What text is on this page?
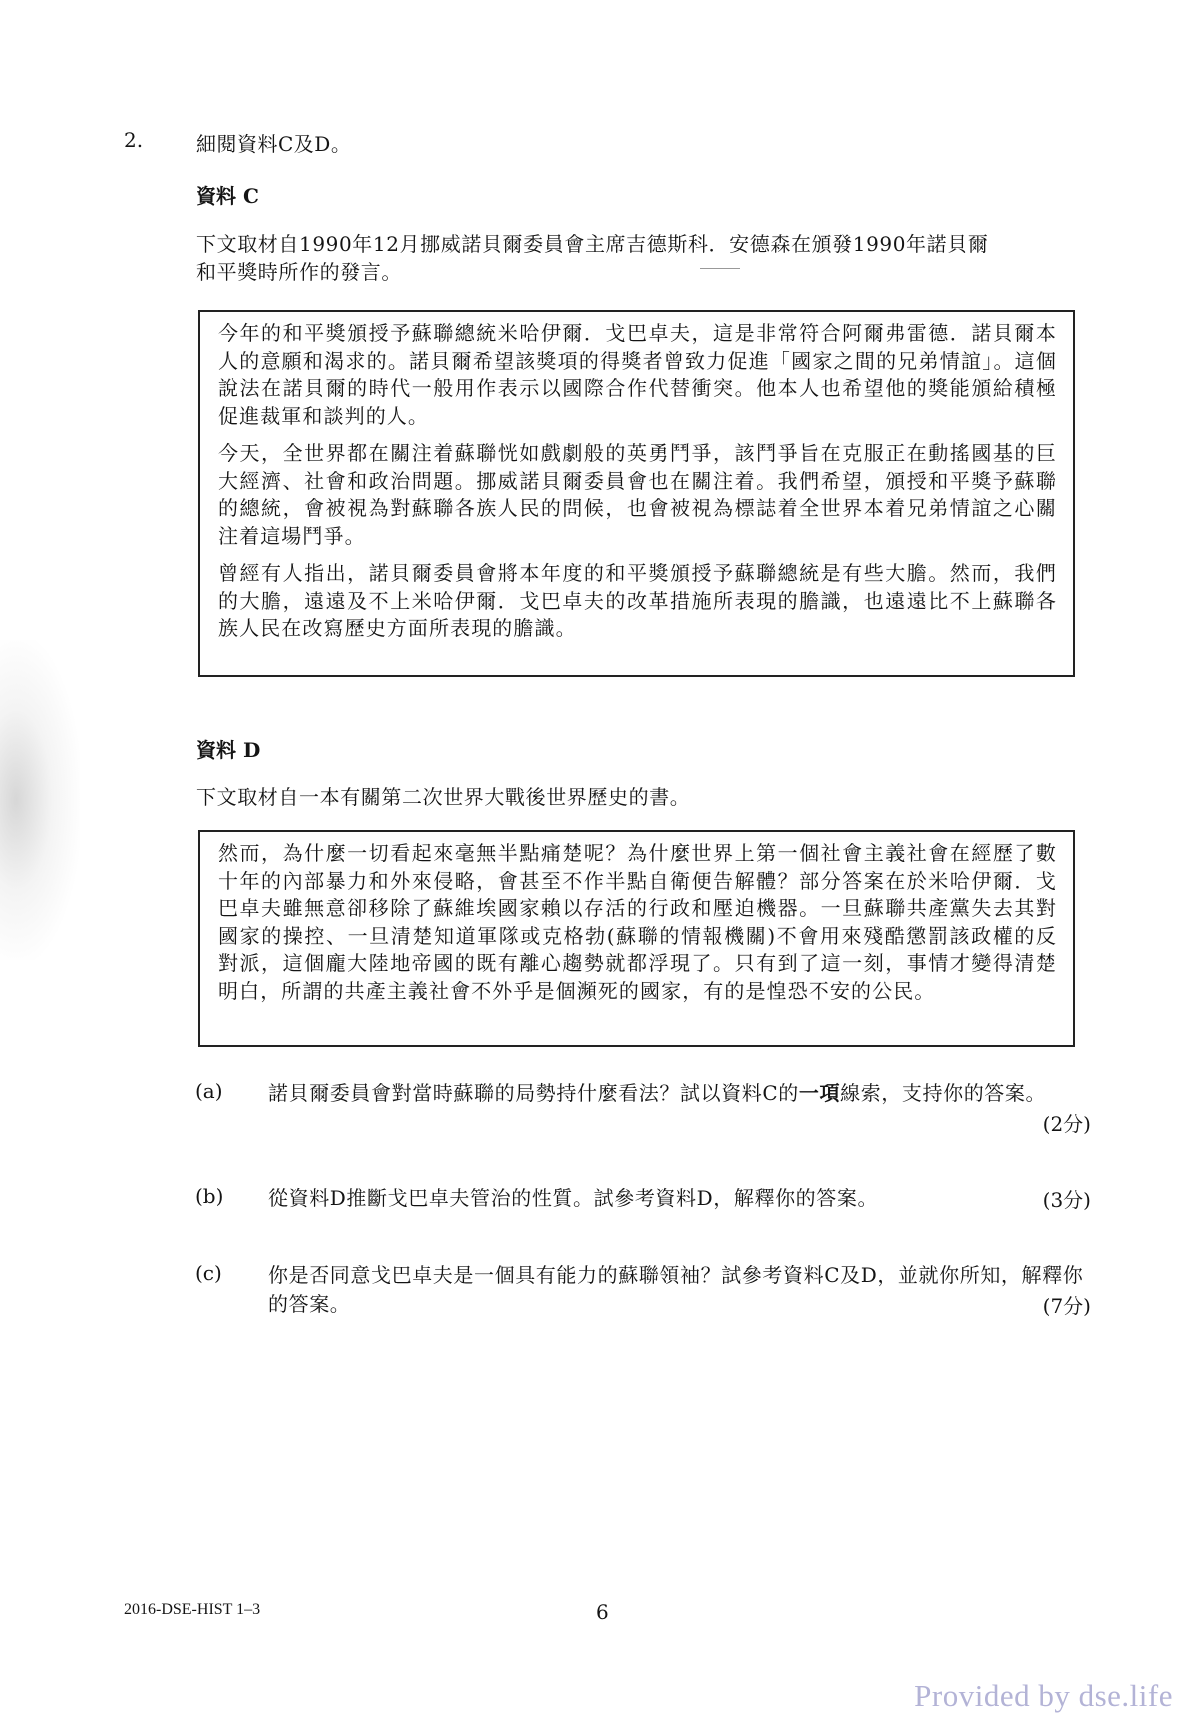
2.	細閱資料C及D。
資料 C
下文取材自1990年12月挪威諾貝爾委員會主席吉德斯科．安德森在頒發1990年諾貝爾
和平獎時所作的發言。

今年的和平獎頒授予蘇聯總統米哈伊爾．戈巴卓夫，這是非常符合阿爾弗雷德．諾貝爾本人的意願和渴求的。諾貝爾希望該獎項的得獎者曾致力促進「國家之間的兄弟情誼」。這個說法在諾貝爾的時代一般用作表示以國際合作代替衝突。他本人也希望他的獎能頒給積極促進裁軍和談判的人。

今天，全世界都在關注着蘇聯恍如戲劇般的英勇鬥爭，該鬥爭旨在克服正在動搖國基的巨大經濟、社會和政治問題。挪威諾貝爾委員會也在關注着。我們希望，頒授和平獎予蘇聯的總統，會被視為對蘇聯各族人民的問候，也會被視為標誌着全世界本着兄弟情誼之心關注着這場鬥爭。

曾經有人指出，諾貝爾委員會將本年度的和平獎頒授予蘇聯總統是有些大膽。然而，我們的大膽，遠遠及不上米哈伊爾．戈巴卓夫的改革措施所表現的膽識，也遠遠比不上蘇聯各族人民在改寫歷史方面所表現的膽識。

資料 D
下文取材自一本有關第二次世界大戰後世界歷史的書。

然而，為什麼一切看起來毫無半點痛楚呢？為什麼世界上第一個社會主義社會在經歷了數十年的內部暴力和外來侵略，會甚至不作半點自衛便告解體？部分答案在於米哈伊爾．戈巴卓夫雖無意卻移除了蘇維埃國家賴以存活的行政和壓迫機器。一旦蘇聯共產黨失去其對國家的操控、一旦清楚知道軍隊或克格勃(蘇聯的情報機關)不會用來殘酷懲罰該政權的反對派，這個龐大陸地帝國的既有離心趨勢就都浮現了。只有到了這一刻，事情才變得清楚明白，所謂的共產主義社會不外乎是個瀕死的國家，有的是惶恐不安的公民。

(a) 諾貝爾委員會對當時蘇聯的局勢持什麼看法？試以資料C的一項線索，支持你的答案。
(2分)
(b) 從資料D推斷戈巴卓夫管治的性質。試參考資料D，解釋你的答案。	(3分)
(c) 你是否同意戈巴卓夫是一個具有能力的蘇聯領袖？試參考資料C及D，並就你所知，解釋你的答案。	(7分)
2016-DSE-HIST 1–3	6
Provided by dse.life
